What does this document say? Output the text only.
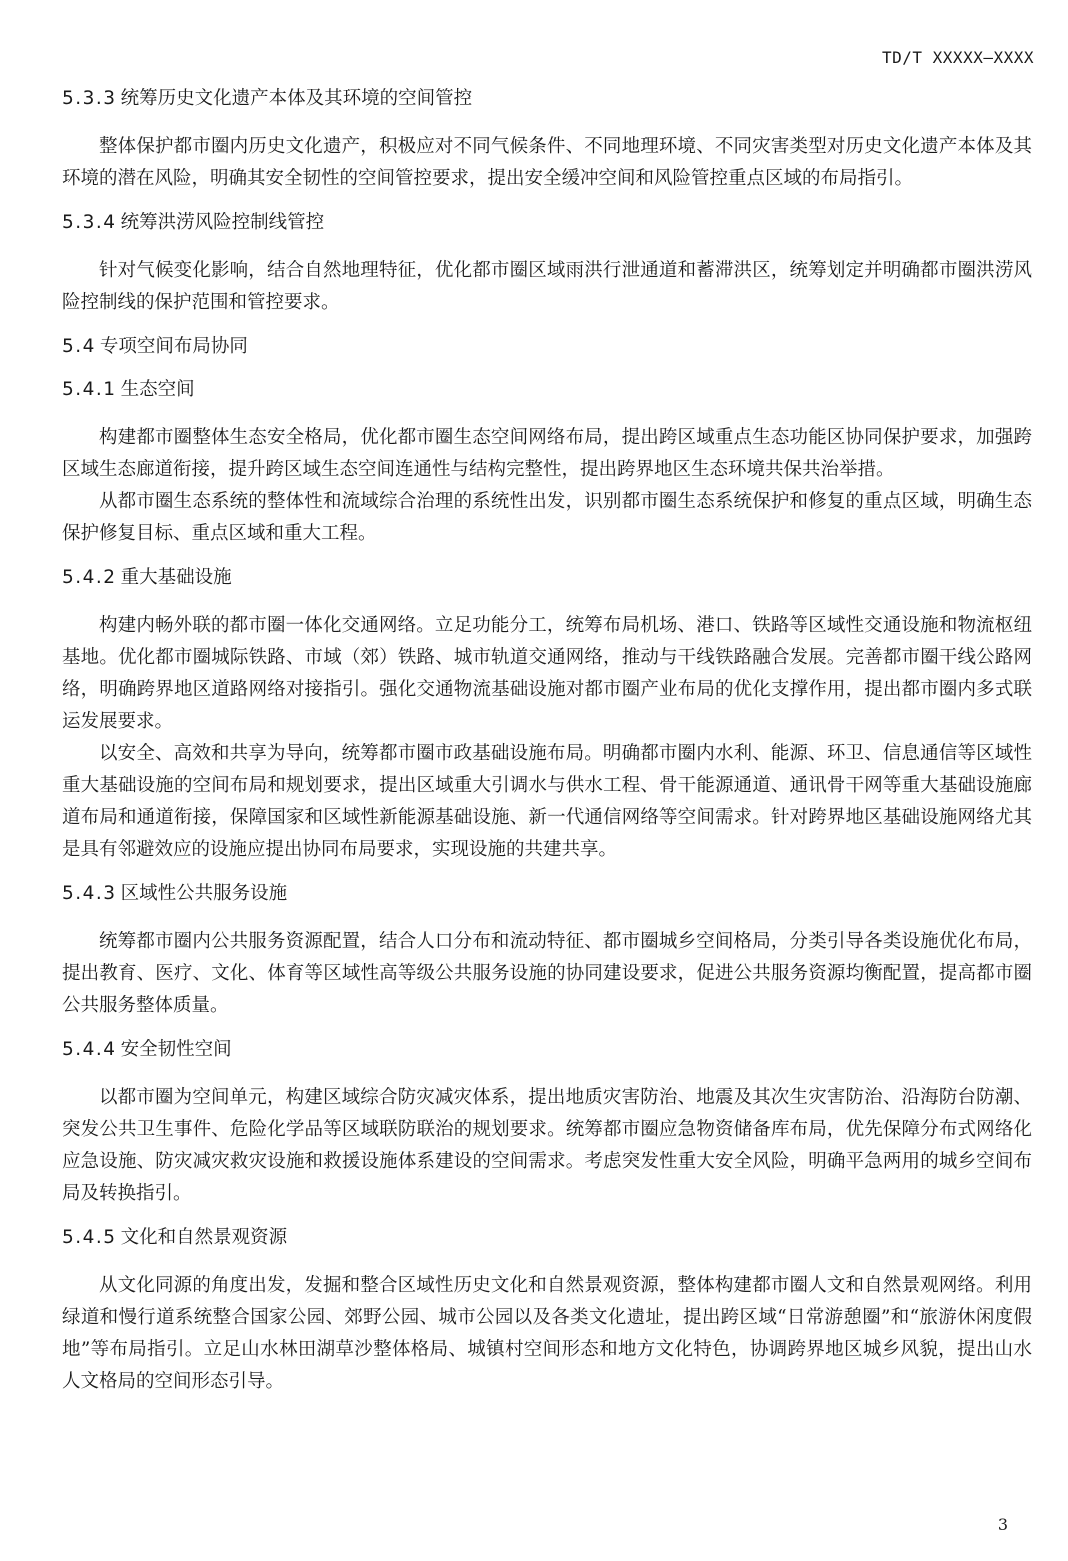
TD/T XXXXX—XXXX
5.3.3 统筹历史文化遗产本体及其环境的空间管控

整体保护都市圈内历史文化遗产，积极应对不同气候条件、不同地理环境、不同灾害类型对历史文化遗产本体及其环境的潜在风险，明确其安全韧性的空间管控要求，提出安全缓冲空间和风险管控重点区域的布局指引。

5.3.4 统筹洪涝风险控制线管控

针对气候变化影响，结合自然地理特征，优化都市圈区域雨洪行泄通道和蓄滞洪区，统筹划定并明确都市圈洪涝风险控制线的保护范围和管控要求。

5.4 专项空间布局协同
5.4.1 生态空间

构建都市圈整体生态安全格局，优化都市圈生态空间网络布局，提出跨区域重点生态功能区协同保护要求，加强跨区域生态廊道衔接，提升跨区域生态空间连通性与结构完整性，提出跨界地区生态环境共保共治举措。

从都市圈生态系统的整体性和流域综合治理的系统性出发，识别都市圈生态系统保护和修复的重点区域，明确生态保护修复目标、重点区域和重大工程。

5.4.2 重大基础设施

构建内畅外联的都市圈一体化交通网络。立足功能分工，统筹布局机场、港口、铁路等区域性交通设施和物流枢纽基地。优化都市圈城际铁路、市域（郊）铁路、城市轨道交通网络，推动与干线铁路融合发展。完善都市圈干线公路网络，明确跨界地区道路网络对接指引。强化交通物流基础设施对都市圈产业布局的优化支撑作用，提出都市圈内多式联运发展要求。

以安全、高效和共享为导向，统筹都市圈市政基础设施布局。明确都市圈内水利、能源、环卫、信息通信等区域性重大基础设施的空间布局和规划要求，提出区域重大引调水与供水工程、骨干能源通道、通讯骨干网等重大基础设施廊道布局和通道衔接，保障国家和区域性新能源基础设施、新一代通信网络等空间需求。针对跨界地区基础设施网络尤其是具有邻避效应的设施应提出协同布局要求，实现设施的共建共享。

5.4.3 区域性公共服务设施

统筹都市圈内公共服务资源配置，结合人口分布和流动特征、都市圈城乡空间格局，分类引导各类设施优化布局，提出教育、医疗、文化、体育等区域性高等级公共服务设施的协同建设要求，促进公共服务资源均衡配置，提高都市圈公共服务整体质量。

5.4.4 安全韧性空间

以都市圈为空间单元，构建区域综合防灾减灾体系，提出地质灾害防治、地震及其次生灾害防治、沿海防台防潮、突发公共卫生事件、危险化学品等区域联防联治的规划要求。统筹都市圈应急物资储备库布局，优先保障分布式网络化应急设施、防灾减灾救灾设施和救援设施体系建设的空间需求。考虑突发性重大安全风险，明确平急两用的城乡空间布局及转换指引。

5.4.5 文化和自然景观资源

从文化同源的角度出发，发掘和整合区域性历史文化和自然景观资源，整体构建都市圈人文和自然景观网络。利用绿道和慢行道系统整合国家公园、郊野公园、城市公园以及各类文化遗址，提出跨区域“日常游憩圈”和“旅游休闲度假地”等布局指引。立足山水林田湖草沙整体格局、城镇村空间形态和地方文化特色，协调跨界地区城乡风貌，提出山水人文格局的空间形态引导。

3
